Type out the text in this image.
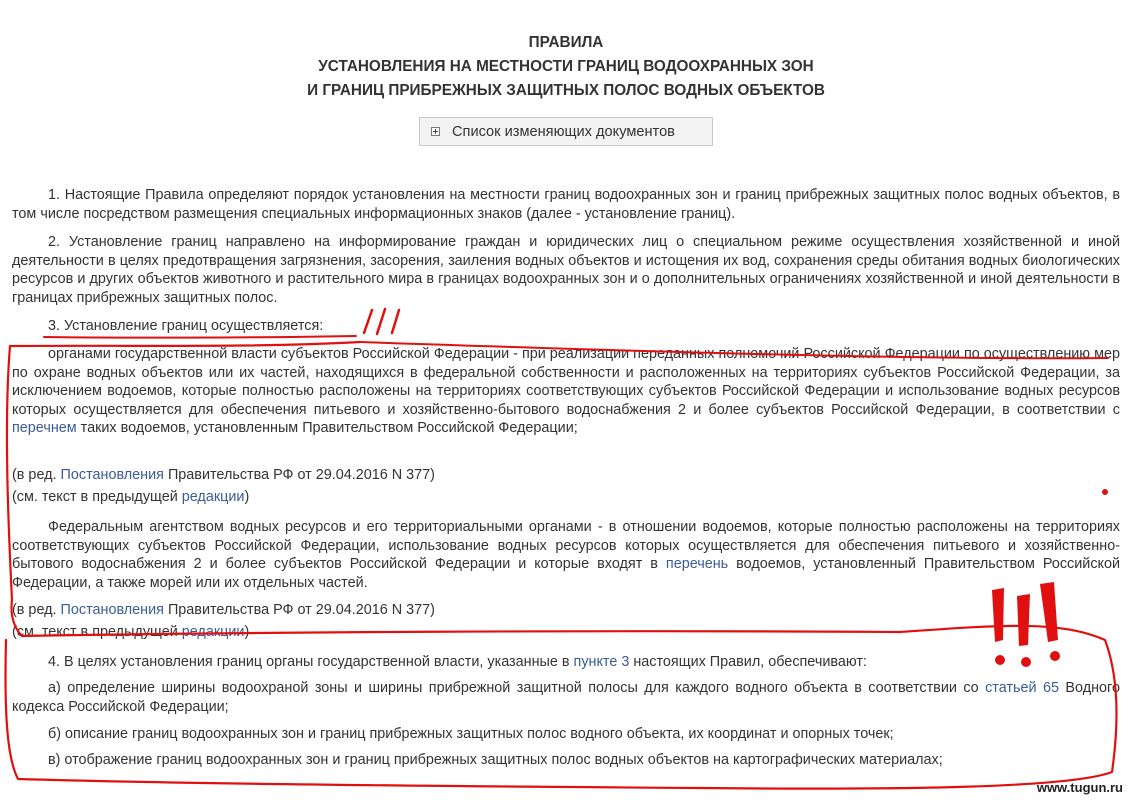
ПРАВИЛА
УСТАНОВЛЕНИЯ НА МЕСТНОСТИ ГРАНИЦ ВОДООХРАННЫХ ЗОН
И ГРАНИЦ ПРИБРЕЖНЫХ ЗАЩИТНЫХ ПОЛОС ВОДНЫХ ОБЪЕКТОВ
Список изменяющих документов

1. Настоящие Правила определяют порядок установления на местности границ водоохранных зон и границ прибрежных защитных полос водных объектов, в том числе посредством размещения специальных информационных знаков (далее - установление границ).

2. Установление границ направлено на информирование граждан и юридических лиц о специальном режиме осуществления хозяйственной и иной деятельности в целях предотвращения загрязнения, засорения, заиления водных объектов и истощения их вод, сохранения среды обитания водных биологических ресурсов и других объектов животного и растительного мира в границах водоохранных зон и о дополнительных ограничениях хозяйственной и иной деятельности в границах прибрежных защитных полос.

3. Установление границ осуществляется:

органами государственной власти субъектов Российской Федерации - при реализации переданных полномочий Российской Федерации по осуществлению мер по охране водных объектов или их частей, находящихся в федеральной собственности и расположенных на территориях субъектов Российской Федерации, за исключением водоемов, которые полностью расположены на территориях соответствующих субъектов Российской Федерации и использование водных ресурсов которых осуществляется для обеспечения питьевого и хозяйственно-бытового водоснабжения 2 и более субъектов Российской Федерации, в соответствии с перечнем таких водоемов, установленным Правительством Российской Федерации;

(в ред. Постановления Правительства РФ от 29.04.2016 N 377)

(см. текст в предыдущей редакции)

Федеральным агентством водных ресурсов и его территориальными органами - в отношении водоемов, которые полностью расположены на территориях соответствующих субъектов Российской Федерации, использование водных ресурсов которых осуществляется для обеспечения питьевого и хозяйственно-бытового водоснабжения 2 и более субъектов Российской Федерации и которые входят в перечень водоемов, установленный Правительством Российской Федерации, а также морей или их отдельных частей.

(в ред. Постановления Правительства РФ от 29.04.2016 N 377)

(см. текст в предыдущей редакции)

4. В целях установления границ органы государственной власти, указанные в пункте 3 настоящих Правил, обеспечивают:

а) определение ширины водоохраной зоны и ширины прибрежной защитной полосы для каждого водного объекта в соответствии со статьей 65 Водного кодекса Российской Федерации;

б) описание границ водоохранных зон и границ прибрежных защитных полос водного объекта, их координат и опорных точек;

в) отображение границ водоохранных зон и границ прибрежных защитных полос водных объектов на картографических материалах;

www.tugun.ru
